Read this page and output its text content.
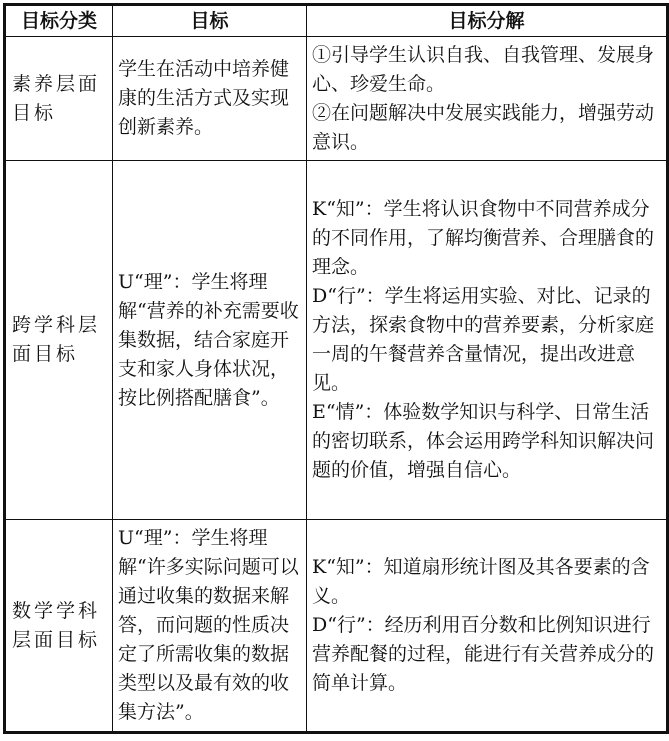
目标分类	目标	目标分解
素养层面目标	学生在活动中培养健康的生活方式及实现创新素养。	①引导学生认识自我、自我管理、发展身心、珍爱生命。
②在问题解决中发展实践能力，增强劳动意识。

跨学科层面目标	U“理”：学生将理解“营养的补充需要收集数据，结合家庭开支和家人身体状况，按比例搭配膳食”。	K“知”：学生将认识食物中不同营养成分的不同作用，了解均衡营养、合理膳食的理念。
D“行”：学生将运用实验、对比、记录的方法，探索食物中的营养要素，分析家庭一周的午餐营养含量情况，提出改进意见。
E“情”：体验数学知识与科学、日常生活的密切联系，体会运用跨学科知识解决问题的价值，增强自信心。

数学学科层面目标	U“理”：学生将理解“许多实际问题可以通过收集的数据来解答，而问题的性质决定了所需收集的数据类型以及最有效的收集方法”。	K“知”：知道扇形统计图及其各要素的含义。
D“行”：经历利用百分数和比例知识进行营养配餐的过程，能进行有关营养成分的简单计算。
